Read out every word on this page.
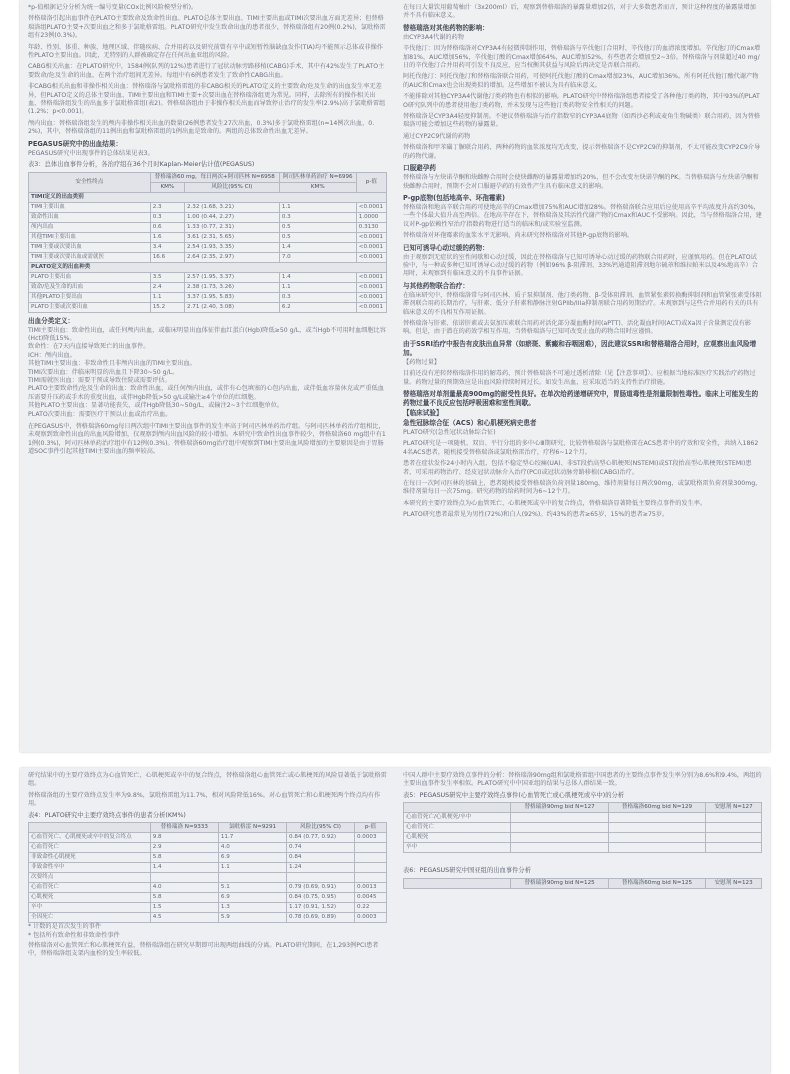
*p-值根据记分分析为统一编号变量(COx比例风险模型分析)。

替格瑞洛引起出血事件在PLATO主要致命及致命性出血、PLATO总体主要出血、TIMI主要出血或TIMI次要出血方面无差异；但替格瑞洛组PLATO主要+次要出血之和多于氯吡格雷组。PLATO研究中发生致命出血的患者很少，替格瑞洛组有20例(0.2%)，氯吡格雷组有23例(0.3%)。

年龄、性别、体重、种族、地理区域、伴随疾病、合并用药以及研究前曾有卒中或短暂性脑缺血发作(TIA)均不能预示总体或非操作性PLATO主要出血。因此，无特别的人群被确定存在任何出血亚组的风险。

CABG相关出血：在PLATO研究中，1584例(队列的12%)患者进行了冠状动脉旁路移植(CABG)手术，其中有42%发生了PLATO主要致命/危及生命的出血，在两个治疗组间无差异。每组中有6例患者发生了致命性CABG出血。

非CABG相关出血和非操作相关出血：替格瑞洛与氯吡格雷组的非CABG相关的PLATO定义的主要致命/危及生命的出血发生率无差异，但PLATO定义的总体主要出血、TIMI主要出血和TIMI主要+次要出血在替格瑞洛组更为常见。同样，去除所有的操作相关出血，替格瑞洛组发生的出血多于氯吡格雷组(表2)。替格瑞洛组由于非操作相关出血而导致停止治疗的发生率(2.9%)高于氯吡格雷组(1.2%；p<0.001)。

颅内出血：替格瑞洛组发生的颅内非操作相关出血的数量(26例患者发生27次出血，0.3%)多于氯吡格雷组(n=14例次出血，0.2%)，其中，替格瑞洛组的11例出血和氯吡格雷组的1例出血是致命的。两组的总体致命性出血无差异。

PEGASUS研究中的出血结果：

PEGASUS研究中出现事件的总体结果见表3。

表3：总体出血事件分析，各治疗组在36个月时Kaplan-Meier估计值(PEGASUS)

安全性终点	替格瑞洛60 mg，每日两次+阿司匹林 N=6958		阿司匹林单药治疗 N=6996	p-值
	KM%	风险比(95% CI)	KM%	
TIMI定义的出血类别				
TIMI主要出血	2.3	2.32 (1.68, 3.21)	1.1	<0.0001
致命性出血	0.3	1.00 (0.44, 2.27)	0.3	1.0000
颅内出血	0.6	1.33 (0.77, 2.31)	0.5	0.3130
其他TIMI主要出血	1.6	3.61 (2.31, 5.65)	0.5	<0.0001
TIMI主要或次要出血	3.4	2.54 (1.93, 3.35)	1.4	<0.0001
TIMI主要或次要出血或需就医	16.6	2.64 (2.35, 2.97)	7.0	<0.0001
PLATO定义的出血种类				
PLATO主要出血	3.5	2.57 (1.95, 3.37)	1.4	<0.0001
致命/危及生命的出血	2.4	2.38 (1.73, 3.26)	1.1	<0.0001
其他PLATO主要出血	1.1	3.37 (1.95, 5.83)	0.3	<0.0001
PLATO主要或次要出血	15.2	2.71 (2.40, 3.08)	6.2	<0.0001

出血分类定义：

TIMI主要出血：致命性出血，或任何颅内出血，或临床明显出血体征伴血红蛋白(Hgb)降低≥50 g/L，或当Hgb不可用时血细胞比容(Hct)降低15%。

致命性：在7天内直接导致死亡的出血事件。

ICH：颅内出血。

其他TIMI主要出血：非致命性且非颅内出血的TIMI主要出血。

TIMI次要出血：伴临床明显的出血且下降30~50 g/L。

TIMI需就医出血：需要干预或导致住院或需要评估。

PLATO主要致命性/危及生命的出血：致命性出血，或任何颅内出血，或伴有心包填塞的心包内出血，或伴低血容量休克或严重低血压需要升压药或手术的重度出血，或伴Hgb降低>50 g/L或输注≥4个单位的红细胞。

其他PLATO主要出血：显著功能丧失，或伴Hgb降低30~50g/L，或输注2~3个红细胞单位。

PLATO次要出血：需要医疗干预以止血或治疗出血。

在PEGASUS中，替格瑞洛60mg每日两次组中TIMI主要出血事件的发生率高于阿司匹林单药治疗组。与阿司匹林单药治疗组相比，未观察到致命性出血的出血风险增加，仅观察到颅内出血风险的较小增加。本研究中致命性出血事件较少，替格瑞洛60 mg组中有11例(0.3%)，阿司匹林单药治疗组中有12例(0.3%)。替格瑞洛60mg治疗组中观察到TIMI主要出血风险增加的主要原因是由于胃肠道SOC事件引起其他TIMI主要出血的频率较高。

在每日大量饮用葡萄柚汁（3x200ml）后，观察到替格瑞洛的暴露量增加2倍，对于大多数患者而言，预计这种程度的暴露量增加并不具有临床意义。

替格瑞洛对其他药物的影响：

由CYP3A4代谢的药物

辛伐他汀：因为替格瑞洛对CYP3A4有轻微抑制作用，替格瑞洛与辛伐他汀合用时，辛伐他汀的血清浓度增加。辛伐他汀的Cmax增加81%，AUC增加56%，辛伐他汀酸的Cmax增加64%，AUC增加52%，有些患者会增加至2~3倍。替格瑞洛与剂量超过40 mg/日的辛伐他汀合并用药可引发不良反应，应当权衡其获益与风险后再决定是否联合用药。

阿托伐他汀：阿托伐他汀和替格瑞洛联合用药，可使阿托伐他汀酸的Cmax增加23%，AUC增加36%。所有阿托伐他汀酸代谢产物的AUC和Cmax也会出现类似的增加。这些增加不被认为具有临床意义。

不能排除对其他CYP3A4代谢他汀类药物也有相似的影响。PLATO研究中替格瑞洛组患者接受了各种他汀类药物，其中93%的PLATO研究队列中的患者使用他汀类药物，并未发现与这些他汀类药物安全性相关的问题。

替格瑞洛是CYP3A4轻度抑制剂。不建议替格瑞洛与治疗指数窄的CYP3A4底物（如西沙必利或麦角生物碱类）联合用药，因为替格瑞洛可能会增加这些药物的暴露量。

通过CYP2C9代谢的药物

替格瑞洛和甲苯磺丁脲联合用药，两种药物的血浆浓度均无改变，提示替格瑞洛不是CYP2C9的抑制剂，不太可能改变CYP2C9介导的药物代谢。

口服避孕药

替格瑞洛与左炔诺孕酮和炔雌醇合用时会使炔雌醇的暴露量增加约20%，但不会改变左炔诺孕酮的PK。当替格瑞洛与左炔诺孕酮和炔雌醇合用时，预期不会对口服避孕药的有效性产生具有临床意义的影响。

P-gp底物(包括地高辛、环孢霉素)

替格瑞洛和地高辛联合用药可使地高辛的Cmax增加75%和AUC增加28%。替格瑞洛联合应用后应使用高辛平均浓度升高约30%，一些个体最大值升高至两倍。在地高辛存在下，替格瑞洛及其活性代谢产物的Cmax和AUC不受影响。因此，当与替格瑞洛合用，建议对P-gp依赖性窄治疗指数药物进行适当的临床和/或实验室监测。

替格瑞洛对环孢霉素的血浆水平无影响，尚未研究替格瑞洛对其他P-gp底物的影响。

已知可诱导心动过缓的药物：

由于观察到无症状的室性间歇和心动过缓，因此在替格瑞洛与已知可诱导心动过缓的药物联合用药时，应谨慎用药。但在PLATO试验中，与一种或多种已知可诱导心动过缓的药物（例如96% β-阻滞剂、33%钙通道阻滞剂地尔硫䓬和维拉帕米以及4%地高辛）合用时，未观察到有临床意义的不良事件证据。

与其他药物联合治疗：

在临床研究中，替格瑞洛常与阿司匹林、质子泵抑制剂、他汀类药物、β-受体阻滞剂、血管紧张素转换酶抑制剂和血管紧张素受体阻滞剂联合用药长期治疗，与肝素、低分子肝素和静脉注射GPIIb/IIIa抑制剂联合用药短期治疗。未观察到与这些合并用药有关的具有临床意义的不良相互作用证据。

替格瑞洛与肝素、依诺肝素或去氨加压素联合用药对活化部分凝血酶时间(aPTT)、活化凝血时间(ACT)或Xa因子含量测定没有影响。但是，由于潜在的药效学相互作用，当替格瑞洛与已知可改变止血的药物合用时应谨慎。

由于SSRI治疗中报告有皮肤出血异常（如瘀斑、紫癜和吞咽困难），因此建议SSRI和替格瑞洛合用时，应观察出血风险增加。

【药物过量】

目前还没有逆转替格瑞洛作用的解毒药，预计替格瑞洛不可通过透析清除（见【注意事项】）。应根据当地标准医疗实践治疗药物过量。药物过量的预期效应是出血风险持续时间过长。如发生出血，应采取适当的支持性治疗措施。

替格瑞洛对单剂量最高900mg的耐受性良好。在单次给药递增研究中，胃肠道毒性是剂量限制性毒性。临床上可能发生的药物过量不良反应包括呼吸困难和室性间歇。

【临床试验】

急性冠脉综合征（ACS）和心肌梗死病史患者

PLATO研究(急性冠状动脉综合征)

PLATO研究是一项随机、双盲、平行分组的多中心Ⅲ期研究，比较替格瑞洛与氯吡格雷在ACS患者中的疗效和安全性，共纳入18624名ACS患者，随机接受替格瑞洛或氯吡格雷治疗，疗程6~12个月。

患者在症状发作24小时内入组，包括不稳定型心绞痛(UA)、非ST段抬高型心肌梗死(NSTEMI)或ST段抬高型心肌梗死(STEMI)患者，可采用药物治疗、经皮冠状动脉介入治疗(PCI)或冠状动脉旁路移植(CABG)治疗。

在每日一次阿司匹林的基础上，患者随机接受替格瑞洛负荷剂量180mg，维持剂量每日两次90mg，或氯吡格雷负荷剂量300mg，维持剂量每日一次75mg。研究药物的给药时间为6~12个月。

本研究的主要疗效终点为心血管死亡、心肌梗死或卒中的复合终点，替格瑞洛显著降低主要终点事件的发生率。

PLATO研究患者最常见为男性(72%)和白人(92%)。约43%的患者≥65岁，15%的患者≥75岁。

研究结果中的主要疗效终点为心血管死亡、心肌梗死或卒中的复合终点，替格瑞洛组心血管死亡或心肌梗死的风险显著低于氯吡格雷组。

替格瑞洛组的主要疗效终点发生率为9.8%，氯吡格雷组为11.7%，相对风险降低16%。对心血管死亡和心肌梗死两个终点均有作用。

表4：PLATO研究中主要疗效终点事件的患者分析(KM%)

	替格瑞洛 N=9333	氯吡格雷 N=9291	风险比(95% CI)	p-值
心血管死亡、心肌梗死或卒中的复合终点	9.8	11.7	0.84 (0.77, 0.92)	0.0003
心血管死亡	2.9	4.0	0.74	
非致命性心肌梗死	5.8	6.9	0.84	
非致命性卒中	1.4	1.1	1.24	
次要终点				
心血管死亡	4.0	5.1	0.79 (0.69, 0.91)	0.0013
心肌梗死	5.8	6.9	0.84 (0.75, 0.95)	0.0045
卒中	1.5	1.3	1.17 (0.91, 1.52)	0.22
全因死亡	4.5	5.9	0.78 (0.69, 0.89)	0.0003

* 计数的是首次发生的事件

* 包括所有致命性和非致命性事件

替格瑞洛对心血管死亡和心肌梗死有益，替格瑞洛组在研究早期即可出现两组曲线的分离。PLATO研究期间，在1,293例PCI患者中，替格瑞洛组支架内血栓的发生率较低。

中国人群中主要疗效终点事件的分析：替格瑞洛90mg组和氯吡格雷组中国患者的主要终点事件发生率分别为8.6%和9.4%，两组的主要出血事件发生率相似。PLATO研究中中国亚组的结果与总体人群结果一致。

表5：PEGASUS研究中主要疗效终点事件(心血管死亡或心肌梗死或卒中)的分析

	替格瑞洛90mg bid N=127	替格瑞洛60mg bid N=129	安慰剂 N=127
心血管死亡/心肌梗死/卒中			
心血管死亡			
心肌梗死			
卒中			

表6：PEGASUS研究中国亚组的出血事件分析

	替格瑞洛90mg bid N=125	替格瑞洛60mg bid N=125	安慰剂 N=123
